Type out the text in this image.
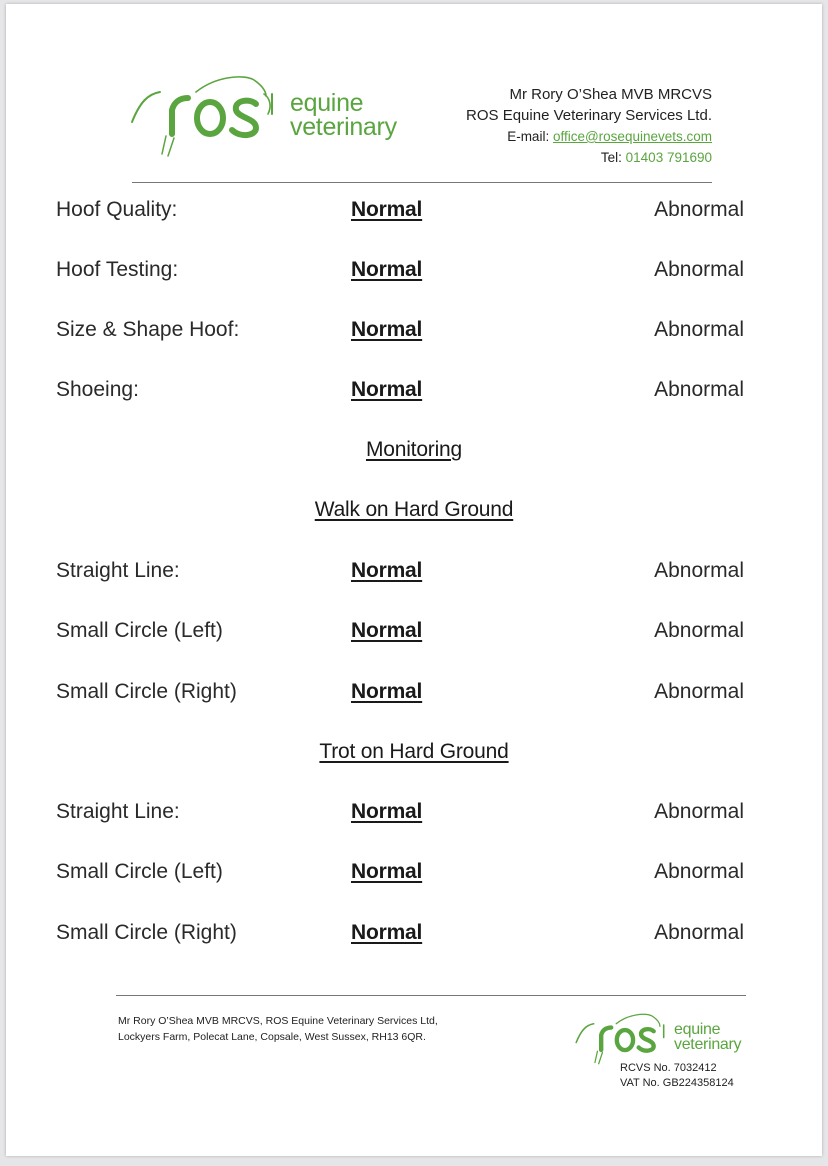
equine
veterinary
Mr Rory O’Shea MVB MRCVS
ROS Equine Veterinary Services Ltd.
E-mail: office@rosequinevets.com
Tel: 01403 791690
Hoof Quality:	Normal	Abnormal
Hoof Testing:	Normal	Abnormal
Size & Shape Hoof:	Normal	Abnormal
Shoeing:	Normal	Abnormal
Monitoring
Walk on Hard Ground
Straight Line:	Normal	Abnormal
Small Circle (Left)	Normal	Abnormal
Small Circle (Right)	Normal	Abnormal
Trot on Hard Ground
Straight Line:	Normal	Abnormal
Small Circle (Left)	Normal	Abnormal
Small Circle (Right)	Normal	Abnormal
Mr Rory O’Shea MVB MRCVS, ROS Equine Veterinary Services Ltd,
Lockyers Farm, Polecat Lane, Copsale, West Sussex, RH13 6QR.	equine
veterinary
RCVS No. 7032412
VAT No. GB224358124
